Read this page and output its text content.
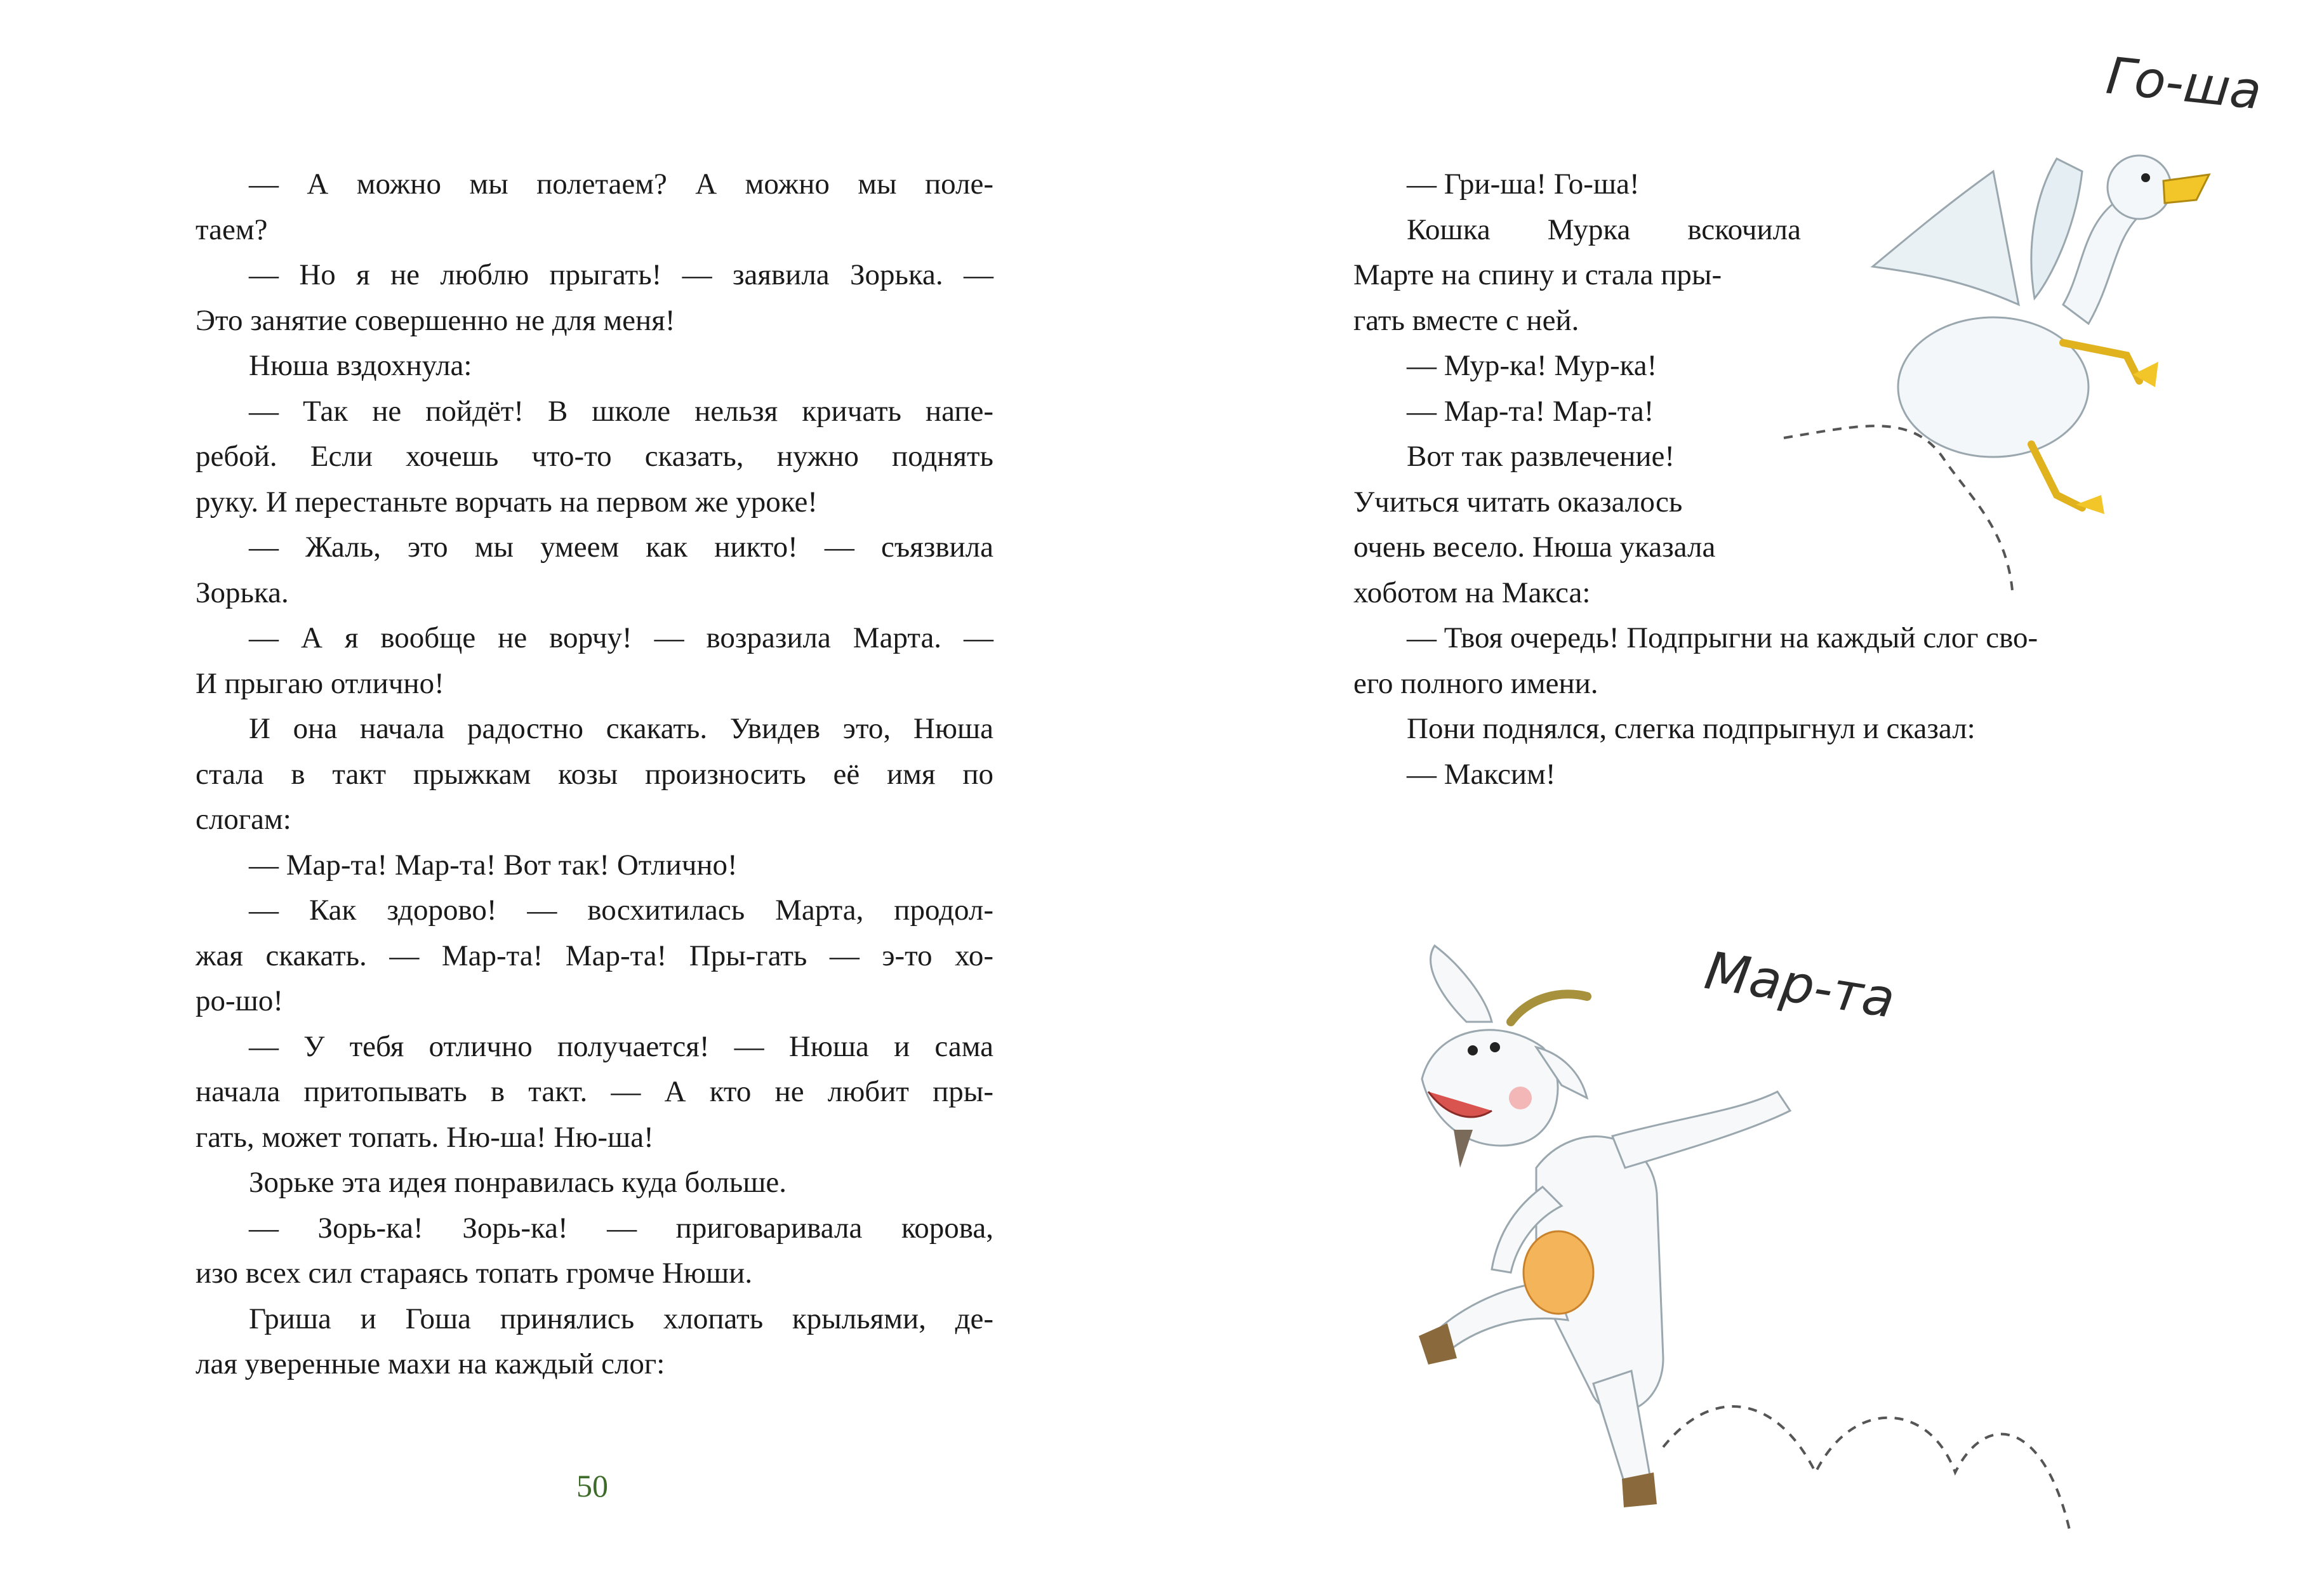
— А можно мы полетаем? А можно мы поле-

таем?

— Но я не люблю прыгать! — заявила Зорька. —

Это занятие совершенно не для меня!

Нюша вздохнула:

— Так не пойдёт! В школе нельзя кричать напе-

ребой. Если хочешь что-то сказать, нужно поднять

руку. И перестаньте ворчать на первом же уроке!

— Жаль, это мы умеем как никто! — съязвила

Зорька.

— А я вообще не ворчу! — возразила Марта. —

И прыгаю отлично!

И она начала радостно скакать. Увидев это, Нюша

стала в такт прыжкам козы произносить её имя по

слогам:

— Мар-та! Мар-та! Вот так! Отлично!

— Как здорово! — восхитилась Марта, продол-

жая скакать. — Мар-та! Мар-та! Пры-гать — э-то хо-

ро-шо!

— У тебя отлично получается! — Нюша и сама

начала притопывать в такт. — А кто не любит пры-

гать, может топать. Ню-ша! Ню-ша!

Зорьке эта идея понравилась куда больше.

— Зорь-ка! Зорь-ка! — приговаривала корова,

изо всех сил стараясь топать громче Нюши.

Гриша и Гоша принялись хлопать крыльями, де-

лая уверенные махи на каждый слог:

— Гри-ша! Го-ша!

Кошка Мурка вскочила

Марте на спину и стала пры-

гать вместе с ней.

— Мур-ка! Мур-ка!

— Мар-та! Мар-та!

Вот так развлечение!

Учиться читать оказалось

очень весело. Нюша указала

хоботом на Макса:

— Твоя очередь! Подпрыгни на каждый слог сво-

его полного имени.

Пони поднялся, слегка подпрыгнул и сказал:

— Максим!

50
Го-ша
Мар-та
